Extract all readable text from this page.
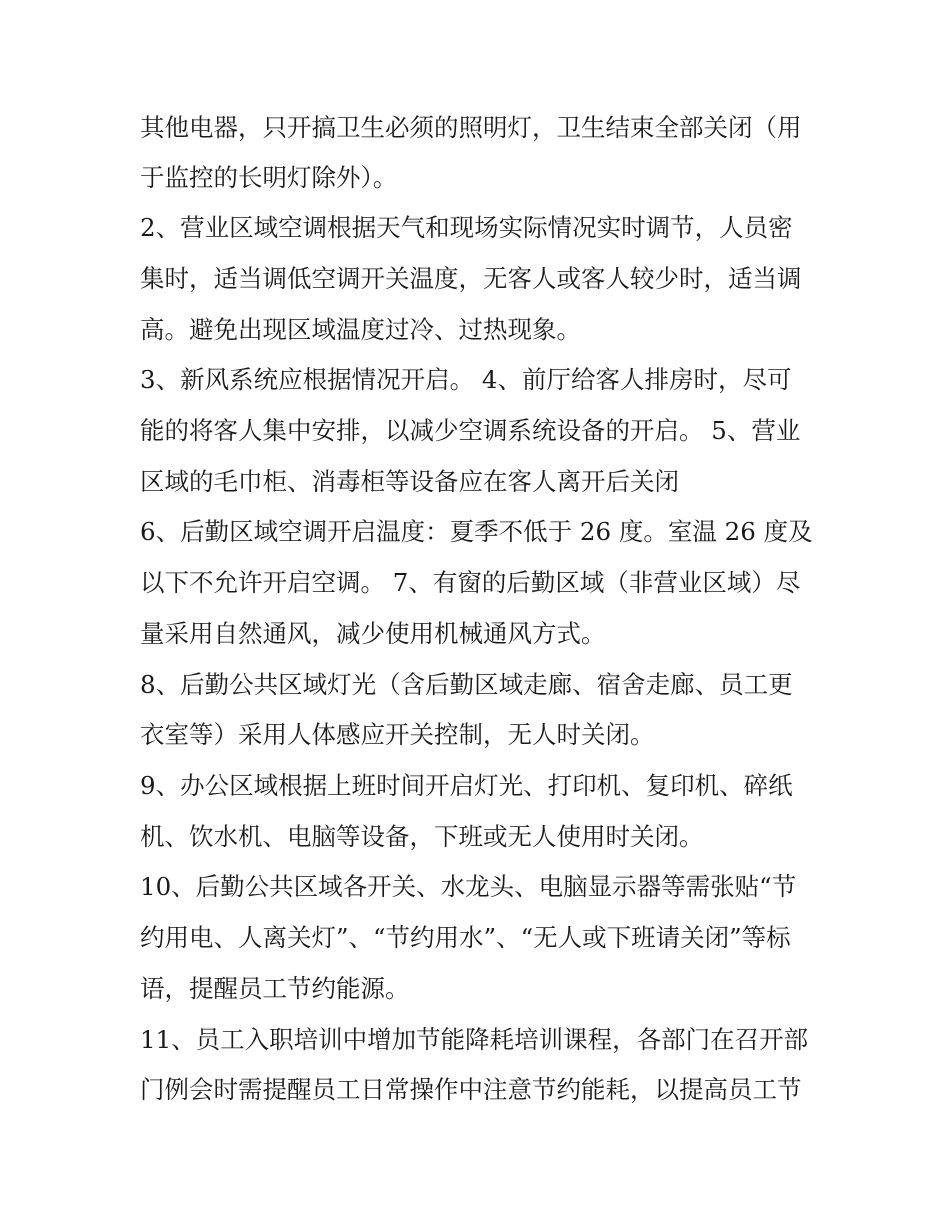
其他电器，只开搞卫生必须的照明灯，卫生结束全部关闭（用
于监控的长明灯除外）。
2、营业区域空调根据天气和现场实际情况实时调节，人员密
集时，适当调低空调开关温度，无客人或客人较少时，适当调
高。避免出现区域温度过冷、过热现象。
3、新风系统应根据情况开启。 4、前厅给客人排房时，尽可
能的将客人集中安排，以减少空调系统设备的开启。 5、营业
区域的毛巾柜、消毒柜等设备应在客人离开后关闭
6、后勤区域空调开启温度：夏季不低于 26 度。室温 26 度及
以下不允许开启空调。 7、有窗的后勤区域（非营业区域）尽
量采用自然通风，减少使用机械通风方式。
8、后勤公共区域灯光（含后勤区域走廊、宿舍走廊、员工更
衣室等）采用人体感应开关控制，无人时关闭。
9、办公区域根据上班时间开启灯光、打印机、复印机、碎纸
机、饮水机、电脑等设备，下班或无人使用时关闭。
10、后勤公共区域各开关、水龙头、电脑显示器等需张贴“节
约用电、人离关灯”、“节约用水”、“无人或下班请关闭”等标
语，提醒员工节约能源。
11、员工入职培训中增加节能降耗培训课程，各部门在召开部
门例会时需提醒员工日常操作中注意节约能耗，以提高员工节
